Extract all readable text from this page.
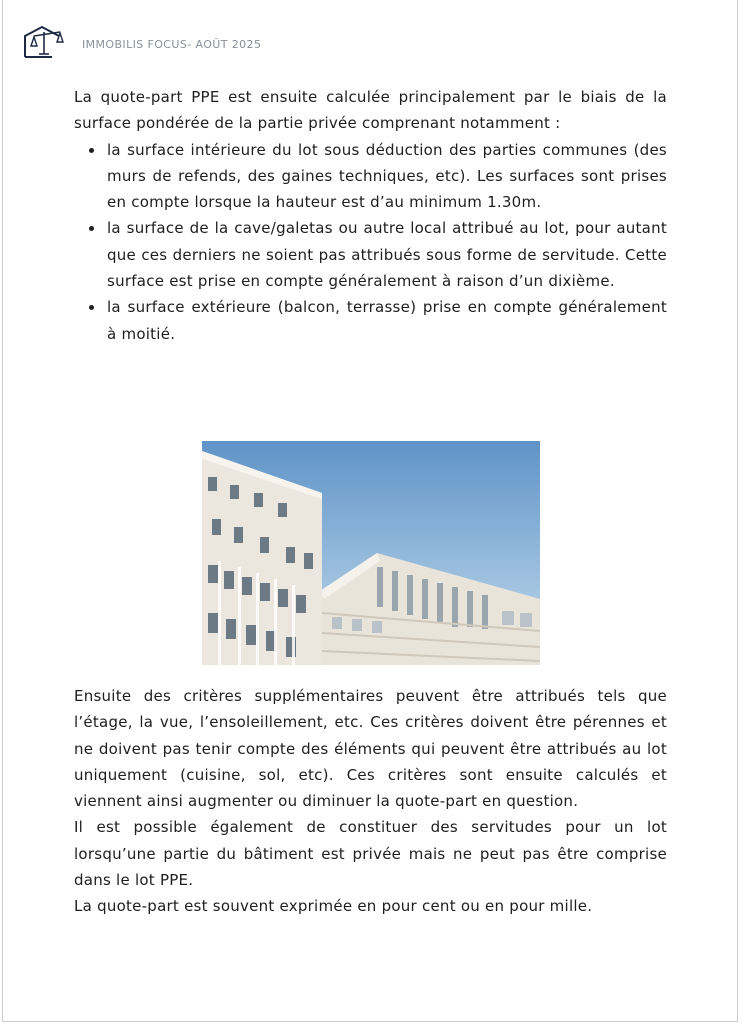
IMMOBILIS FOCUS- AOÛT 2025

La quote-part PPE est ensuite calculée principalement par le biais de la surface pondérée de la partie privée comprenant notamment :

la surface intérieure du lot sous déduction des parties communes (des murs de refends, des gaines techniques, etc). Les surfaces sont prises en compte lorsque la hauteur est d’au minimum 1.30m.
la surface de la cave/galetas ou autre local attribué au lot, pour autant que ces derniers ne soient pas attribués sous forme de servitude. Cette surface est prise en compte généralement à raison d’un dixième.
la surface extérieure (balcon, terrasse) prise en compte généralement à moitié.

Ensuite des critères supplémentaires peuvent être attribués tels que l’étage, la vue, l’ensoleillement, etc. Ces critères doivent être pérennes et ne doivent pas tenir compte des éléments qui peuvent être attribués au lot uniquement (cuisine, sol, etc). Ces critères sont ensuite calculés et viennent ainsi augmenter ou diminuer la quote-part en question.

Il est possible également de constituer des servitudes pour un lot lorsqu’une partie du bâtiment est privée mais ne peut pas être comprise dans le lot PPE.

La quote-part est souvent exprimée en pour cent ou en pour mille.
